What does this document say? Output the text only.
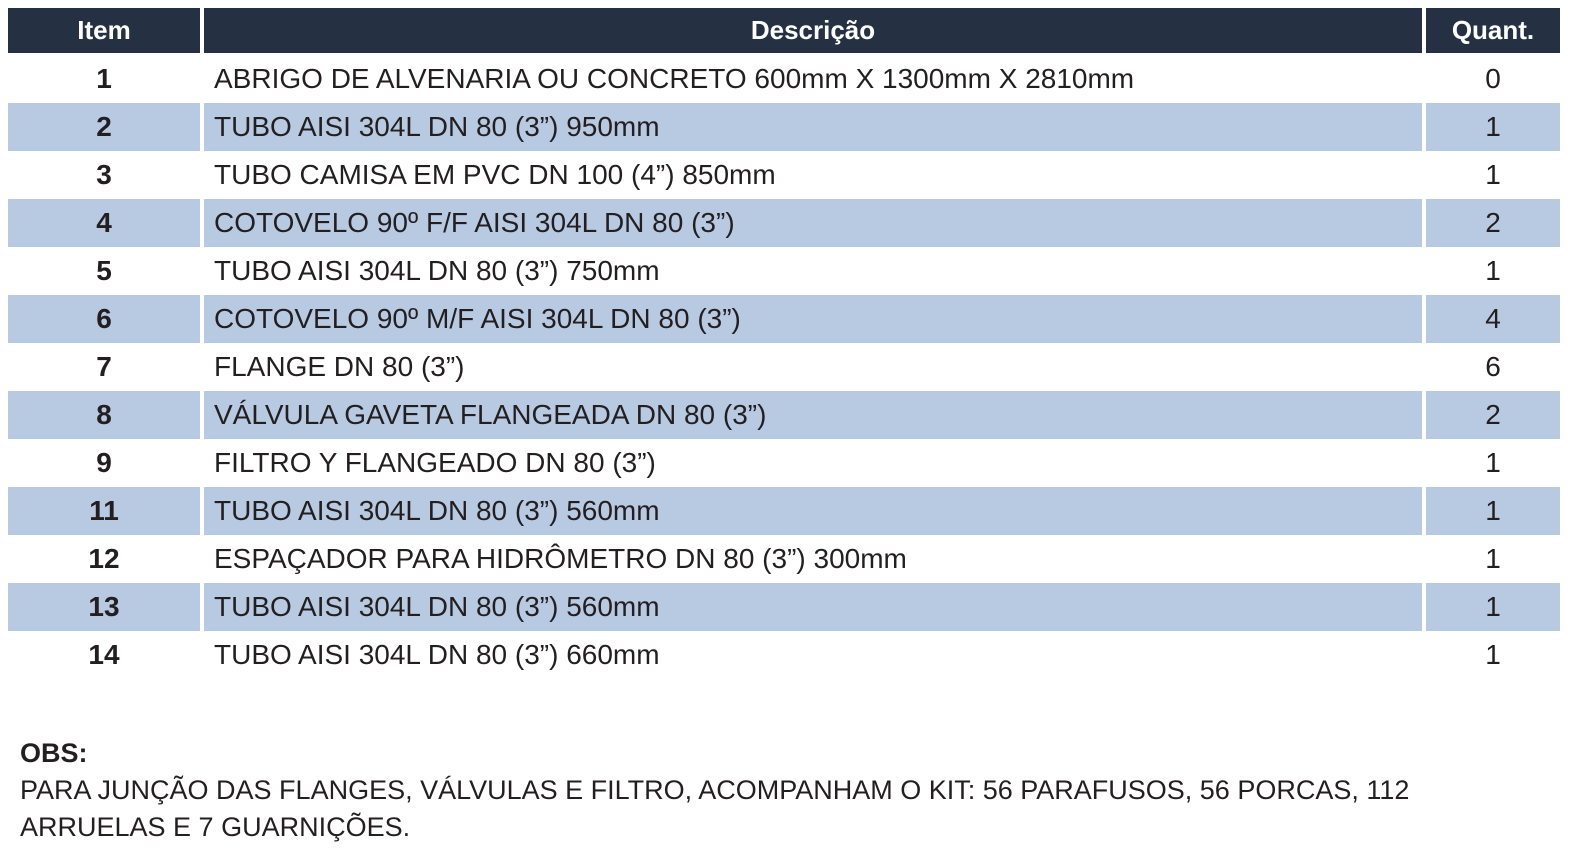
Item	Descrição	Quant.
1	ABRIGO DE ALVENARIA OU CONCRETO 600mm X 1300mm X 2810mm	0
2	TUBO AISI 304L DN 80 (3”) 950mm	1
3	TUBO CAMISA EM PVC DN 100 (4”) 850mm	1
4	COTOVELO 90º F/F AISI 304L DN 80 (3”)	2
5	TUBO AISI 304L DN 80 (3”) 750mm	1
6	COTOVELO 90º M/F AISI 304L DN 80 (3”)	4
7	FLANGE DN 80 (3”)	6
8	VÁLVULA GAVETA FLANGEADA DN 80 (3”)	2
9	FILTRO Y FLANGEADO DN 80 (3”)	1
11	TUBO AISI 304L DN 80 (3”) 560mm	1
12	ESPAÇADOR PARA HIDRÔMETRO DN 80 (3”) 300mm	1
13	TUBO AISI 304L DN 80 (3”) 560mm	1
14	TUBO AISI 304L DN 80 (3”) 660mm	1
OBS:
PARA JUNÇÃO DAS FLANGES, VÁLVULAS E FILTRO, ACOMPANHAM O KIT: 56 PARAFUSOS, 56 PORCAS, 112 ARRUELAS E 7 GUARNIÇÕES.
